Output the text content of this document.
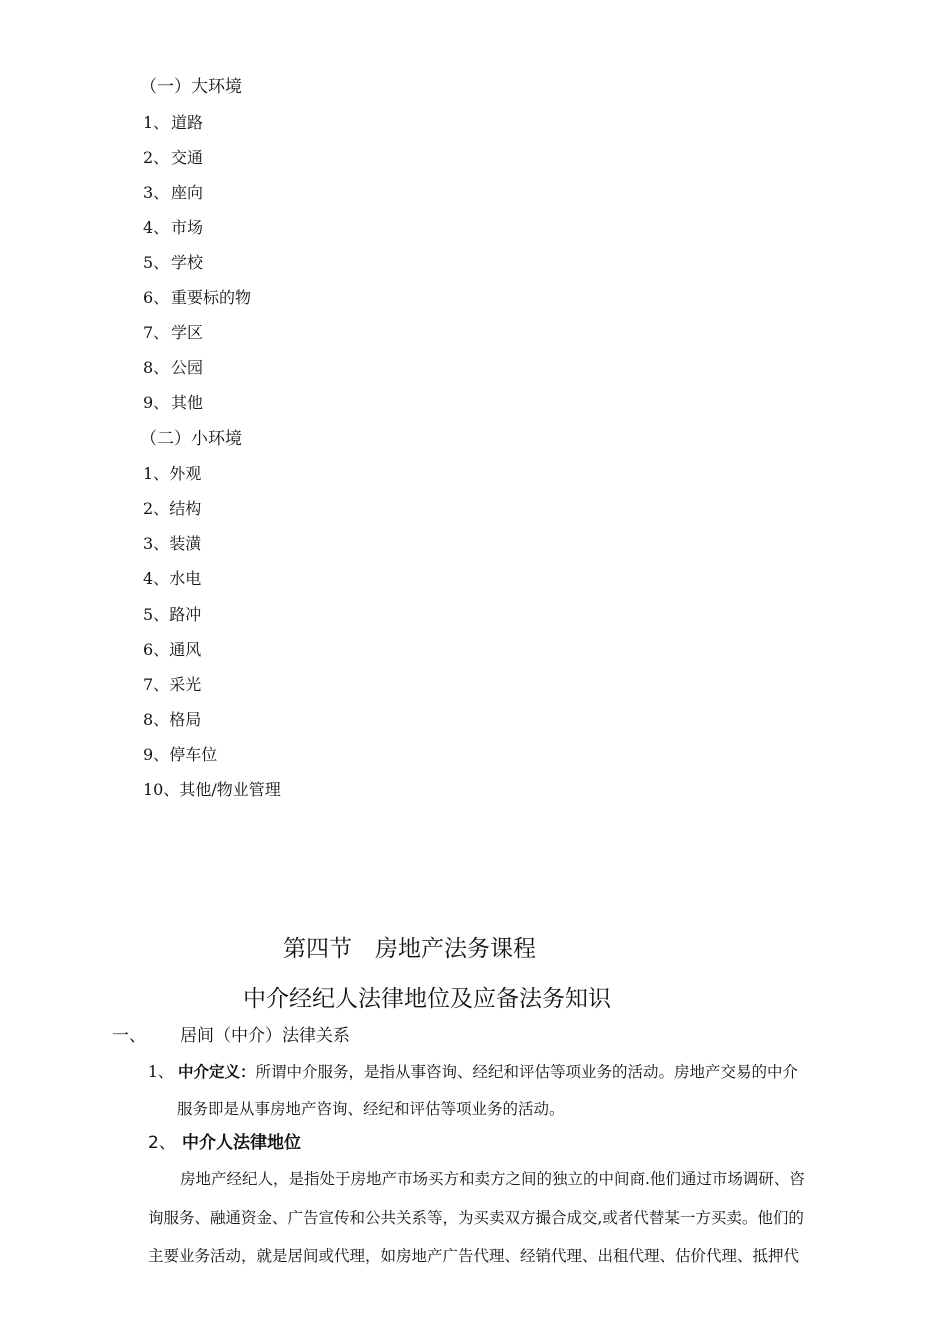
（一）大环境
1、 道路
2、 交通
3、 座向
4、 市场
5、 学校
6、 重要标的物
7、 学区
8、 公园
9、 其他
（二）小环境
1、外观
2、结构
3、装潢
4、水电
5、路冲
6、通风
7、采光
8、格局
9、停车位
10、其他/物业管理
第四节　房地产法务课程
中介经纪人法律地位及应备法务知识
一、 居间（中介）法律关系
1、 中介定义：所谓中介服务，是指从事咨询、经纪和评估等项业务的活动。房地产交易的中介
服务即是从事房地产咨询、经纪和评估等项业务的活动。
2、 中介人法律地位
房地产经纪人，是指处于房地产市场买方和卖方之间的独立的中间商.他们通过市场调研、咨
询服务、融通资金、广告宣传和公共关系等，为买卖双方撮合成交,或者代替某一方买卖。他们的
主要业务活动，就是居间或代理，如房地产广告代理、经销代理、出租代理、估价代理、抵押代
